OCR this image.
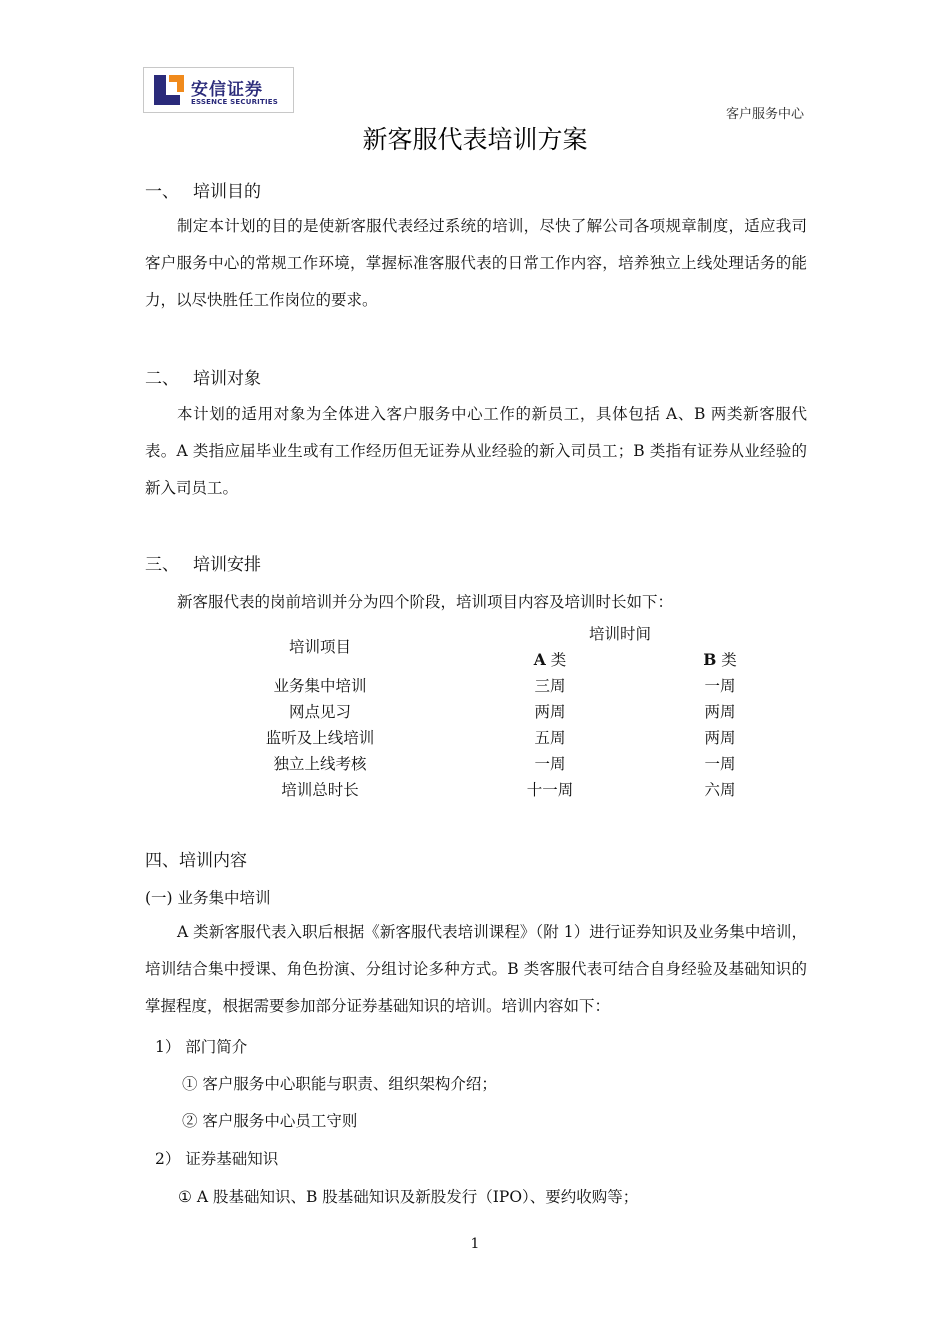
安信证券
ESSENCE SECURITIES
客户服务中心
新客服代表培训方案
一、 培训目的

制定本计划的目的是使新客服代表经过系统的培训，尽快了解公司各项规章制度，适应我司客户服务中心的常规工作环境，掌握标准客服代表的日常工作内容，培养独立上线处理话务的能力，以尽快胜任工作岗位的要求。

二、 培训对象

本计划的适用对象为全体进入客户服务中心工作的新员工，具体包括 A、B 两类新客服代表。A 类指应届毕业生或有工作经历但无证券从业经验的新入司员工；B 类指有证券从业经验的新入司员工。

三、 培训安排
新客服代表的岗前培训并分为四个阶段，培训项目内容及培训时长如下：
培训项目	培训时间	
	A 类	B 类
业务集中培训	三周	一周
网点见习	两周	两周
监听及上线培训	五周	两周
独立上线考核	一周	一周
培训总时长	十一周	六周
四、培训内容
(一) 业务集中培训

A 类新客服代表入职后根据《新客服代表培训课程》（附 1）进行证券知识及业务集中培训，培训结合集中授课、角色扮演、分组讨论多种方式。B 类客服代表可结合自身经验及基础知识的掌握程度，根据需要参加部分证券基础知识的培训。培训内容如下：

1） 部门简介
① 客户服务中心职能与职责、组织架构介绍；
② 客户服务中心员工守则
2） 证券基础知识
① A 股基础知识、B 股基础知识及新股发行（IPO）、要约收购等；
1
